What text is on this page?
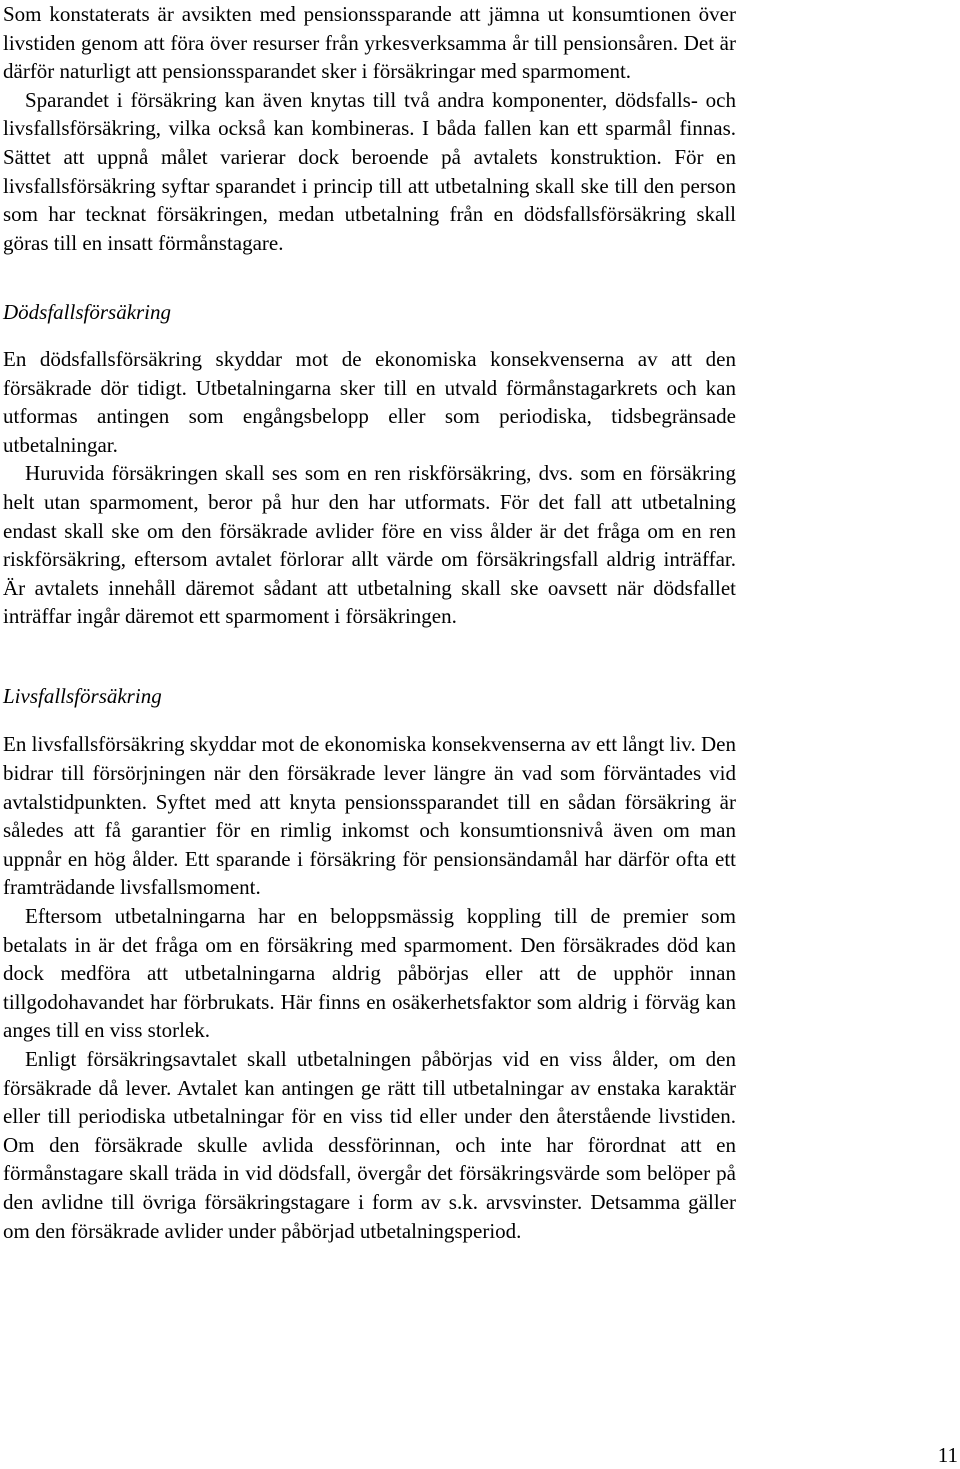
Som konstaterats är avsikten med pensionssparande att jämna ut konsumtionen över livstiden genom att föra över resurser från yrkesverksamma år till pensionsåren. Det är därför naturligt att pensionssparandet sker i försäkringar med sparmoment.

Sparandet i försäkring kan även knytas till två andra komponenter, dödsfalls- och livsfallsförsäkring, vilka också kan kombineras. I båda fallen kan ett sparmål finnas. Sättet att uppnå målet varierar dock beroende på avtalets konstruktion. För en livsfallsförsäkring syftar sparandet i princip till att utbetalning skall ske till den person som har tecknat försäkringen, medan utbetalning från en dödsfallsförsäkring skall göras till en insatt förmånstagare.

Dödsfallsförsäkring

En dödsfallsförsäkring skyddar mot de ekonomiska konsekvenserna av att den försäkrade dör tidigt. Utbetalningarna sker till en utvald förmånstagarkrets och kan utformas antingen som engångsbelopp eller som periodiska, tidsbegränsade utbetalningar.

Huruvida försäkringen skall ses som en ren riskförsäkring, dvs. som en försäkring helt utan sparmoment, beror på hur den har utformats. För det fall att utbetalning endast skall ske om den försäkrade avlider före en viss ålder är det fråga om en ren riskförsäkring, eftersom avtalet förlorar allt värde om försäkringsfall aldrig inträffar. Är avtalets innehåll däremot sådant att utbetalning skall ske oavsett när dödsfallet inträffar ingår däremot ett sparmoment i försäkringen.

Livsfallsförsäkring

En livsfallsförsäkring skyddar mot de ekonomiska konsekvenserna av ett långt liv. Den bidrar till försörjningen när den försäkrade lever längre än vad som förväntades vid avtalstidpunkten. Syftet med att knyta pensionssparandet till en sådan försäkring är således att få garantier för en rimlig inkomst och konsumtionsnivå även om man uppnår en hög ålder. Ett sparande i försäkring för pensionsändamål har därför ofta ett framträdande livsfallsmoment.

Eftersom utbetalningarna har en beloppsmässig koppling till de premier som betalats in är det fråga om en försäkring med sparmoment. Den försäkrades död kan dock medföra att utbetalningarna aldrig påbörjas eller att de upphör innan tillgodohavandet har förbrukats. Här finns en osäkerhetsfaktor som aldrig i förväg kan anges till en viss storlek.

Enligt försäkringsavtalet skall utbetalningen påbörjas vid en viss ålder, om den försäkrade då lever. Avtalet kan antingen ge rätt till utbetalningar av enstaka karaktär eller till periodiska utbetalningar för en viss tid eller under den återstående livstiden. Om den försäkrade skulle avlida dessförinnan, och inte har förordnat att en förmånstagare skall träda in vid dödsfall, övergår det försäkringsvärde som belöper på den avlidne till övriga försäkringstagare i form av s.k. arvsvinster. Detsamma gäller om den försäkrade avlider under påbörjad utbetalningsperiod.

11
